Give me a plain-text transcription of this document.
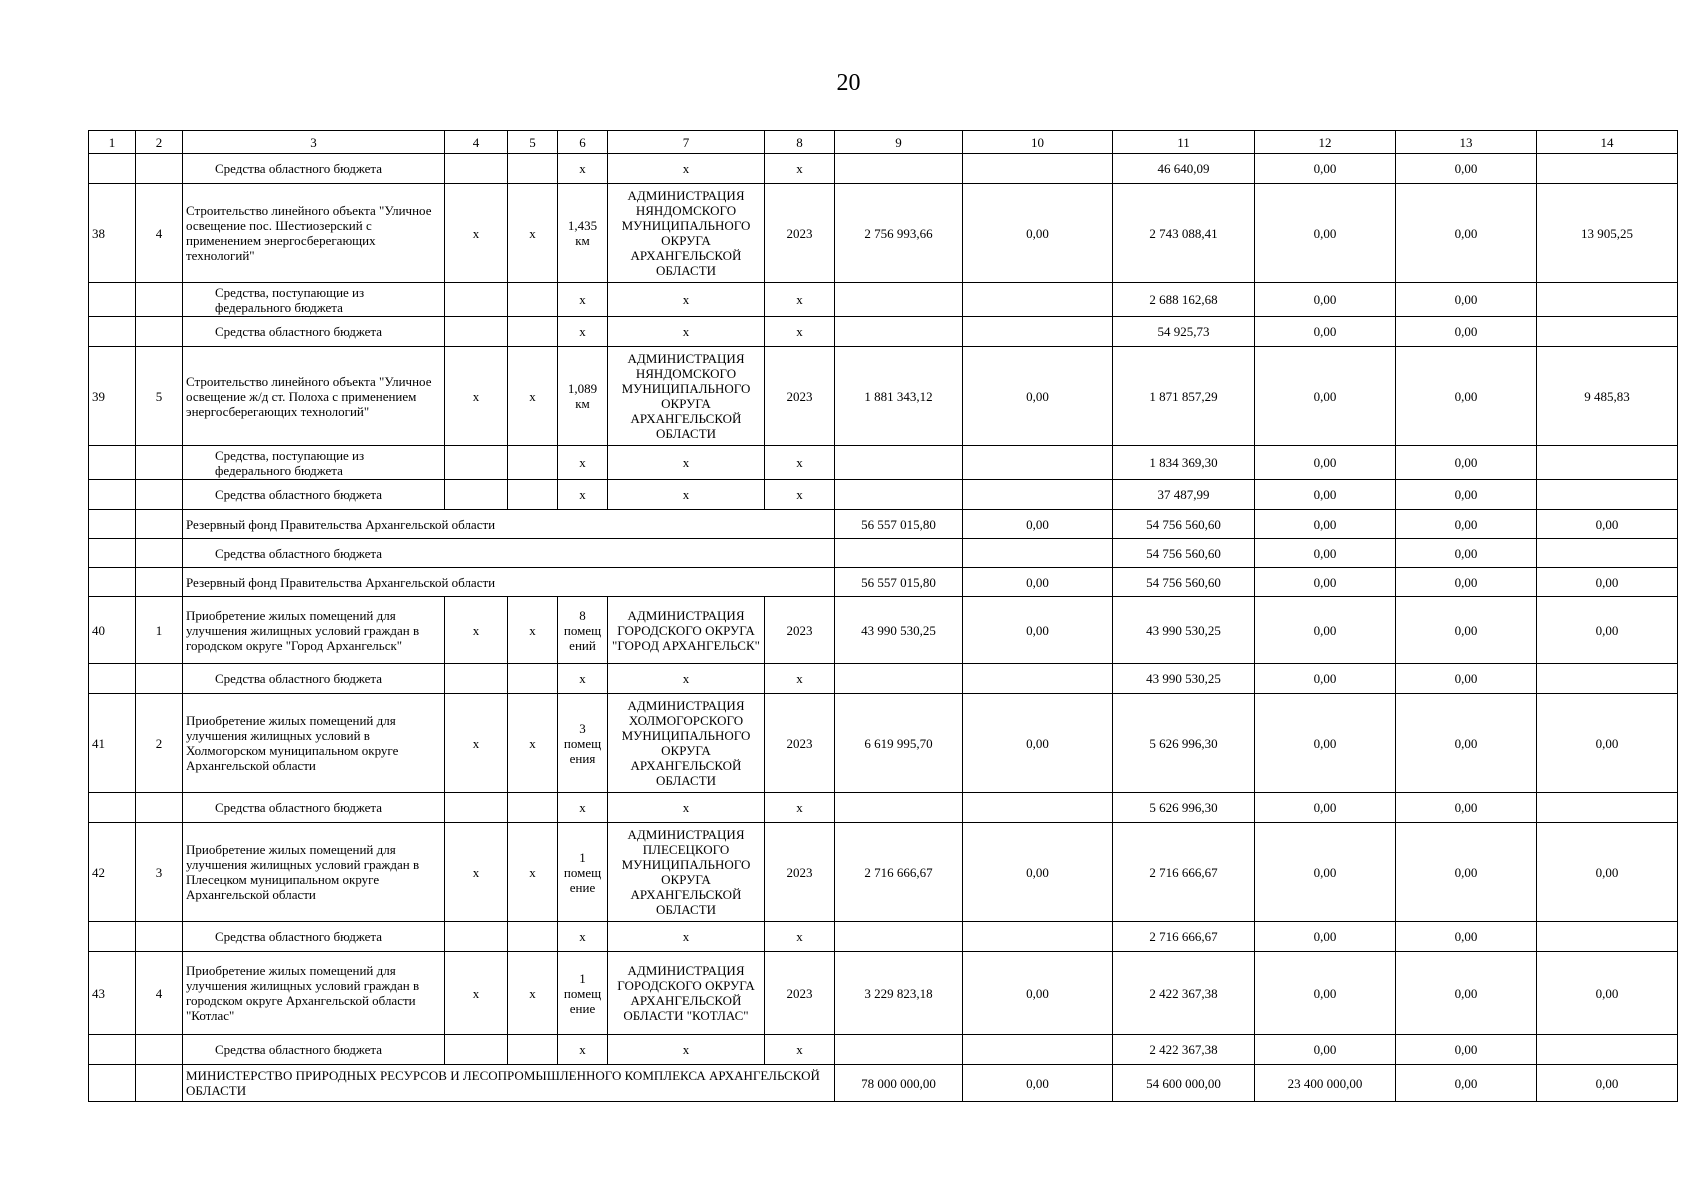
20
1	2	3	4	5	6	7	8	9	10	11	12	13	14
		Средства областного бюджета			х	х	х			46 640,09	0,00	0,00	
38	4	Строительство линейного объекта "Уличное освещение пос. Шестиозерский с применением энергосберегающих технологий"	х	х	1,435 км	АДМИНИСТРАЦИЯ НЯНДОМСКОГО МУНИЦИПАЛЬНОГО ОКРУГА АРХАНГЕЛЬСКОЙ ОБЛАСТИ	2023	2 756 993,66	0,00	2 743 088,41	0,00	0,00	13 905,25
		Средства, поступающие из федерального бюджета			х	х	х			2 688 162,68	0,00	0,00	
		Средства областного бюджета			х	х	х			54 925,73	0,00	0,00	
39	5	Строительство линейного объекта "Уличное освещение ж/д ст. Полоха с применением энергосберегающих технологий"	х	х	1,089 км	АДМИНИСТРАЦИЯ НЯНДОМСКОГО МУНИЦИПАЛЬНОГО ОКРУГА АРХАНГЕЛЬСКОЙ ОБЛАСТИ	2023	1 881 343,12	0,00	1 871 857,29	0,00	0,00	9 485,83
		Средства, поступающие из федерального бюджета			х	х	х			1 834 369,30	0,00	0,00	
		Средства областного бюджета			х	х	х			37 487,99	0,00	0,00	
		Резервный фонд Правительства Архангельской области						56 557 015,80	0,00	54 756 560,60	0,00	0,00	0,00
		Средства областного бюджета								54 756 560,60	0,00	0,00	
		Резервный фонд Правительства Архангельской области						56 557 015,80	0,00	54 756 560,60	0,00	0,00	0,00
40	1	Приобретение жилых помещений для улучшения жилищных условий граждан в городском округе "Город Архангельск"	х	х	8 помещ ений	АДМИНИСТРАЦИЯ ГОРОДСКОГО ОКРУГА "ГОРОД АРХАНГЕЛЬСК"	2023	43 990 530,25	0,00	43 990 530,25	0,00	0,00	0,00
		Средства областного бюджета			х	х	х			43 990 530,25	0,00	0,00	
41	2	Приобретение жилых помещений для улучшения жилищных условий в Холмогорском муниципальном округе Архангельской области	х	х	3 помещ ения	АДМИНИСТРАЦИЯ ХОЛМОГОРСКОГО МУНИЦИПАЛЬНОГО ОКРУГА АРХАНГЕЛЬСКОЙ ОБЛАСТИ	2023	6 619 995,70	0,00	5 626 996,30	0,00	0,00	0,00
		Средства областного бюджета			х	х	х			5 626 996,30	0,00	0,00	
42	3	Приобретение жилых помещений для улучшения жилищных условий граждан в Плесецком муниципальном округе Архангельской области	х	х	1 помещ ение	АДМИНИСТРАЦИЯ ПЛЕСЕЦКОГО МУНИЦИПАЛЬНОГО ОКРУГА АРХАНГЕЛЬСКОЙ ОБЛАСТИ	2023	2 716 666,67	0,00	2 716 666,67	0,00	0,00	0,00
		Средства областного бюджета			х	х	х			2 716 666,67	0,00	0,00	
43	4	Приобретение жилых помещений для улучшения жилищных условий граждан в городском округе Архангельской области "Котлас"	х	х	1 помещ ение	АДМИНИСТРАЦИЯ ГОРОДСКОГО ОКРУГА АРХАНГЕЛЬСКОЙ ОБЛАСТИ "КОТЛАС"	2023	3 229 823,18	0,00	2 422 367,38	0,00	0,00	0,00
		Средства областного бюджета			х	х	х			2 422 367,38	0,00	0,00	
		МИНИСТЕРСТВО ПРИРОДНЫХ РЕСУРСОВ И ЛЕСОПРОМЫШЛЕННОГО КОМПЛЕКСА АРХАНГЕЛЬСКОЙ ОБЛАСТИ						78 000 000,00	0,00	54 600 000,00	23 400 000,00	0,00	0,00
